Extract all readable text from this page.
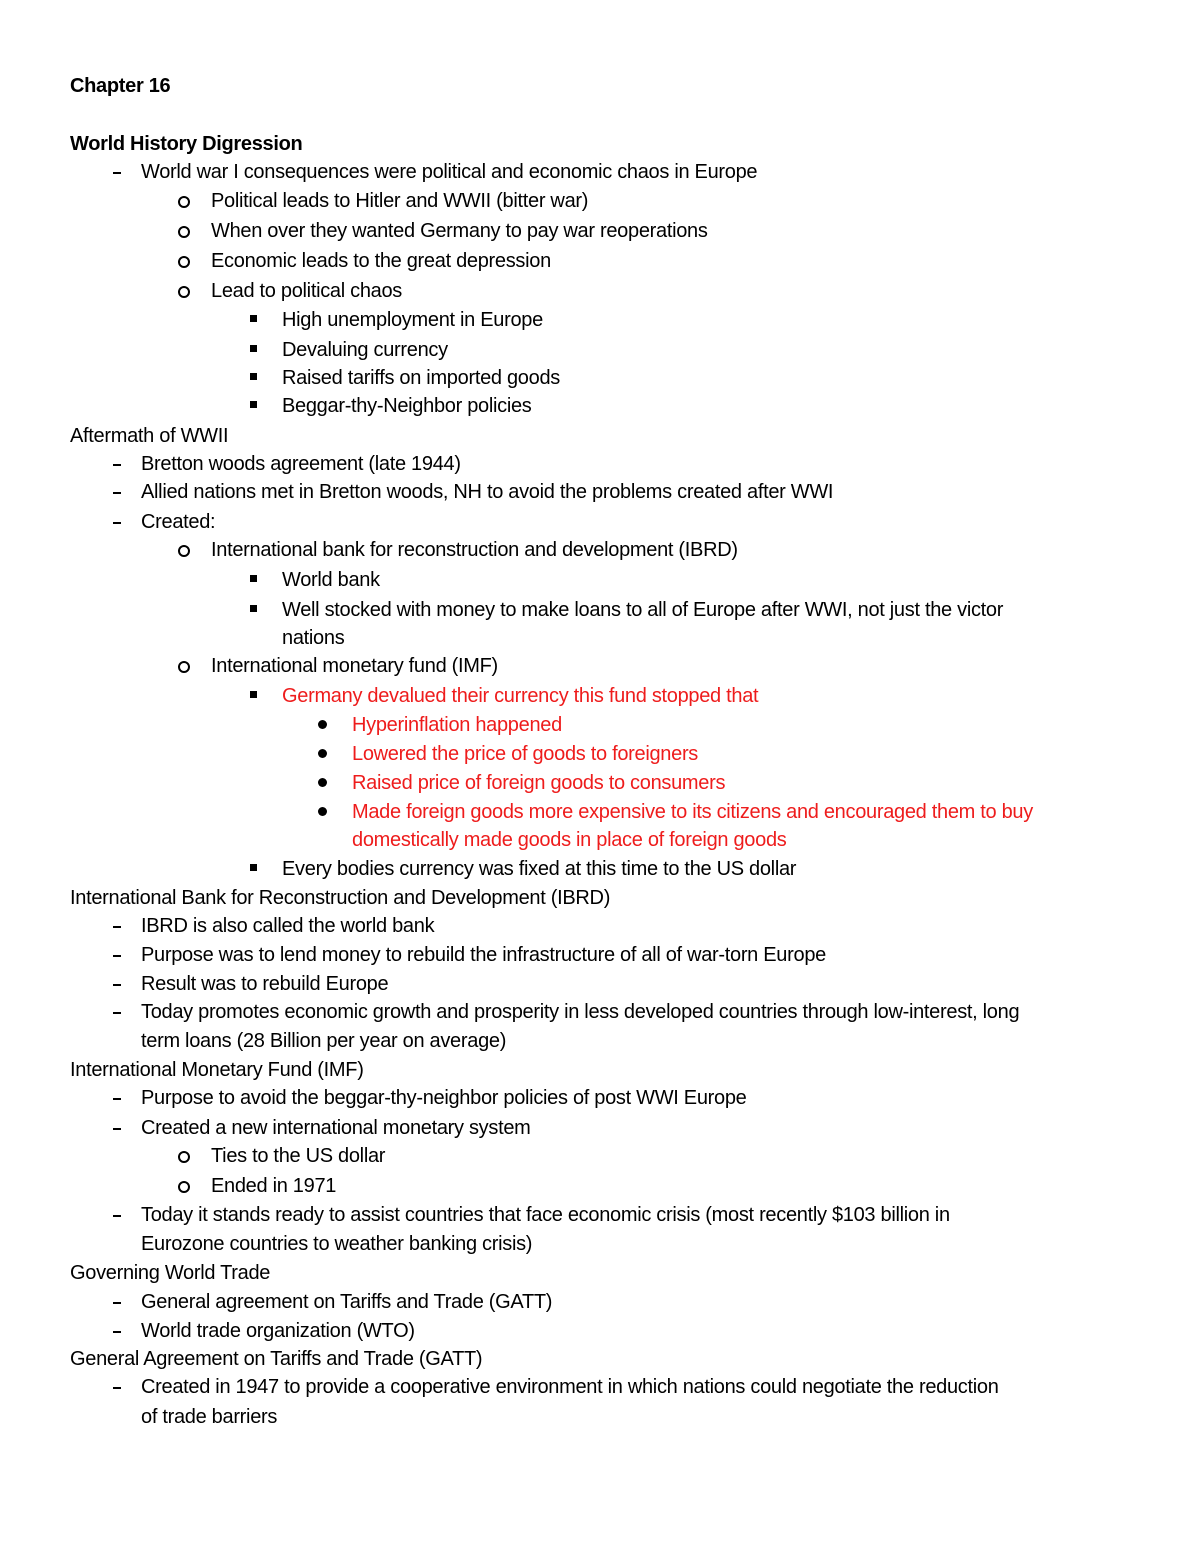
Chapter 16
World History Digression
World war I consequences were political and economic chaos in Europe
Political leads to Hitler and WWII (bitter war)
When over they wanted Germany to pay war reoperations
Economic leads to the great depression
Lead to political chaos
High unemployment in Europe
Devaluing currency
Raised tariffs on imported goods
Beggar-thy-Neighbor policies
Aftermath of WWII
Bretton woods agreement (late 1944)
Allied nations met in Bretton woods, NH to avoid the problems created after WWI
Created:
International bank for reconstruction and development (IBRD)
World bank
Well stocked with money to make loans to all of Europe after WWI, not just the victor
nations
International monetary fund (IMF)
Germany devalued their currency this fund stopped that
Hyperinflation happened
Lowered the price of goods to foreigners
Raised price of foreign goods to consumers
Made foreign goods more expensive to its citizens and encouraged them to buy
domestically made goods in place of foreign goods
Every bodies currency was fixed at this time to the US dollar
International Bank for Reconstruction and Development (IBRD)
IBRD is also called the world bank
Purpose was to lend money to rebuild the infrastructure of all of war-torn Europe
Result was to rebuild Europe
Today promotes economic growth and prosperity in less developed countries through low-interest, long
term loans (28 Billion per year on average)
International Monetary Fund (IMF)
Purpose to avoid the beggar-thy-neighbor policies of post WWI Europe
Created a new international monetary system
Ties to the US dollar
Ended in 1971
Today it stands ready to assist countries that face economic crisis (most recently $103 billion in
Eurozone countries to weather banking crisis)
Governing World Trade
General agreement on Tariffs and Trade (GATT)
World trade organization (WTO)
General Agreement on Tariffs and Trade (GATT)
Created in 1947 to provide a cooperative environment in which nations could negotiate the reduction
of trade barriers
